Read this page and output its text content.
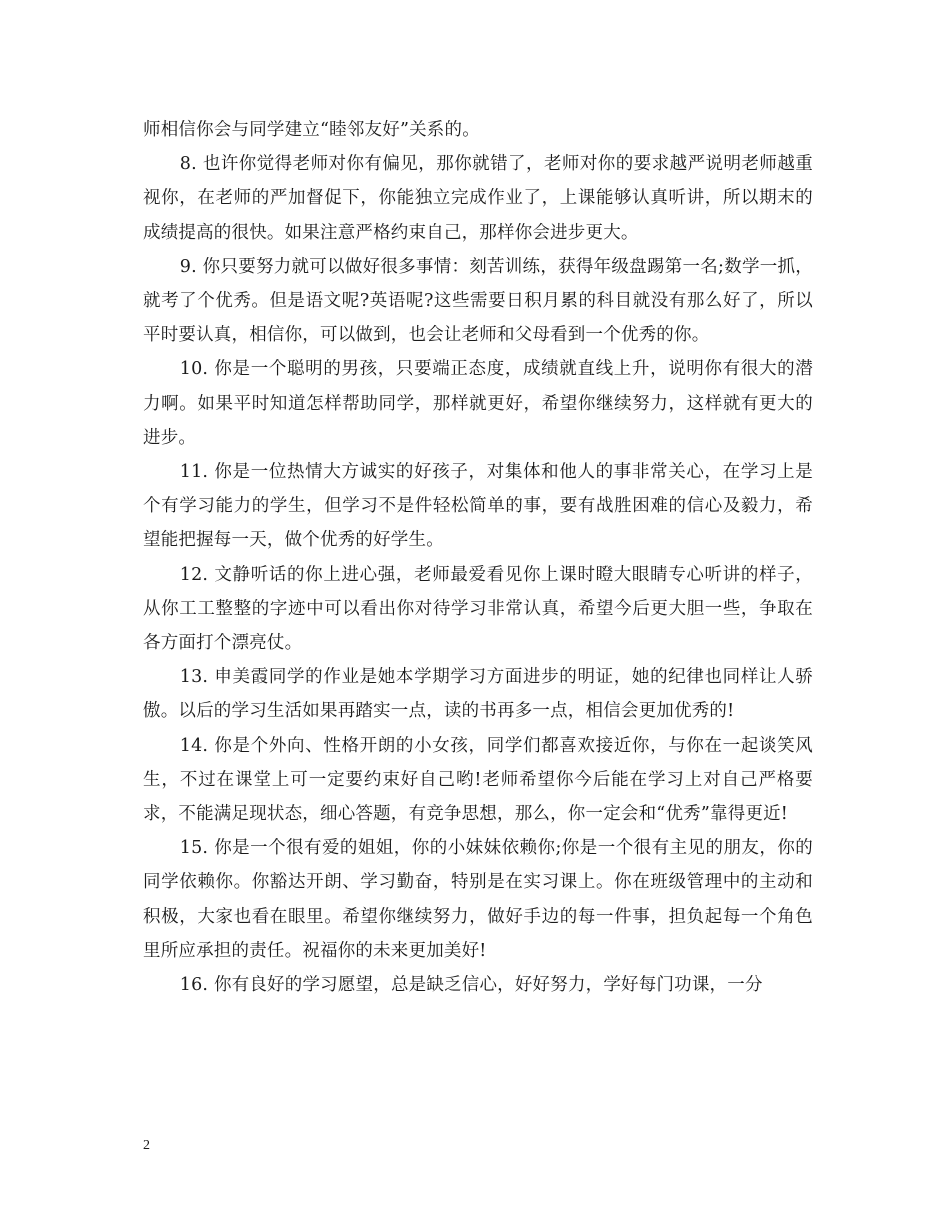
师相信你会与同学建立“睦邻友好”关系的。

8. 也许你觉得老师对你有偏见，那你就错了，老师对你的要求越严说明老师越重视你，在老师的严加督促下，你能独立完成作业了，上课能够认真听讲，所以期末的成绩提高的很快。如果注意严格约束自己，那样你会进步更大。

9. 你只要努力就可以做好很多事情：刻苦训练，获得年级盘踢第一名;数学一抓，就考了个优秀。但是语文呢?英语呢?这些需要日积月累的科目就没有那么好了，所以平时要认真，相信你，可以做到，也会让老师和父母看到一个优秀的你。

10. 你是一个聪明的男孩，只要端正态度，成绩就直线上升，说明你有很大的潜力啊。如果平时知道怎样帮助同学，那样就更好，希望你继续努力，这样就有更大的进步。

11. 你是一位热情大方诚实的好孩子，对集体和他人的事非常关心，在学习上是个有学习能力的学生，但学习不是件轻松简单的事，要有战胜困难的信心及毅力，希望能把握每一天，做个优秀的好学生。

12. 文静听话的你上进心强，老师最爱看见你上课时瞪大眼睛专心听讲的样子，从你工工整整的字迹中可以看出你对待学习非常认真，希望今后更大胆一些，争取在各方面打个漂亮仗。

13. 申美霞同学的作业是她本学期学习方面进步的明证，她的纪律也同样让人骄傲。以后的学习生活如果再踏实一点，读的书再多一点，相信会更加优秀的!

14. 你是个外向、性格开朗的小女孩，同学们都喜欢接近你，与你在一起谈笑风生，不过在课堂上可一定要约束好自己哟!老师希望你今后能在学习上对自己严格要求，不能满足现状态，细心答题，有竞争思想，那么，你一定会和“优秀”靠得更近!

15. 你是一个很有爱的姐姐，你的小妹妹依赖你;你是一个很有主见的朋友，你的同学依赖你。你豁达开朗、学习勤奋，特别是在实习课上。你在班级管理中的主动和积极，大家也看在眼里。希望你继续努力，做好手边的每一件事，担负起每一个角色里所应承担的责任。祝福你的未来更加美好!

16. 你有良好的学习愿望，总是缺乏信心，好好努力，学好每门功课，一分

2
